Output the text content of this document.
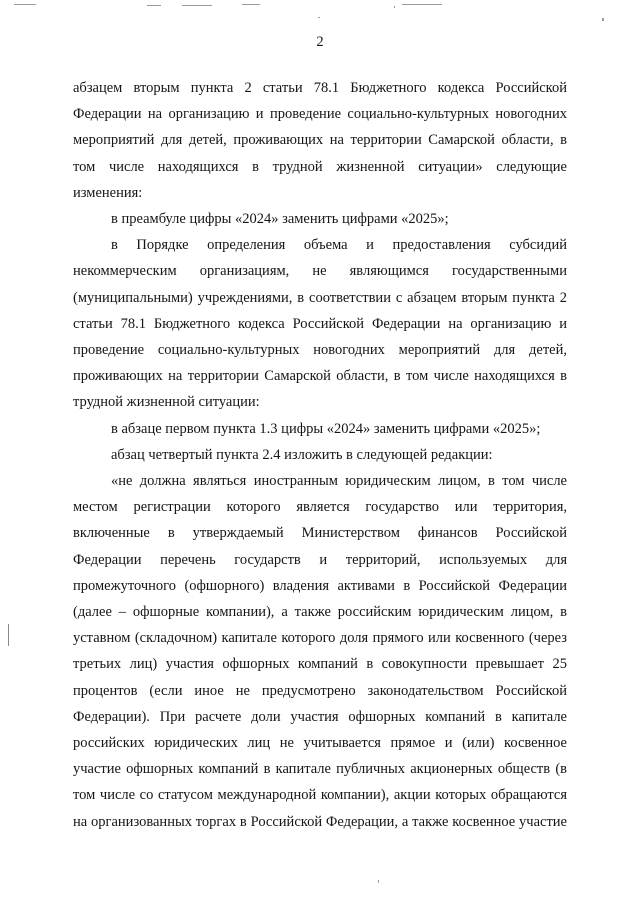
2

абзацем вторым пункта 2 статьи 78.1 Бюджетного кодекса Российской Федерации на организацию и проведение социально-культурных новогодних мероприятий для детей, проживающих на территории Самарской области, в том числе находящихся в трудной жизненной ситуации» следующие изменения:

в преамбуле цифры «2024» заменить цифрами «2025»;

в Порядке определения объема и предоставления субсидий некоммерческим организациям, не являющимся государственными (муниципальными) учреждениями, в соответствии с абзацем вторым пункта 2 статьи 78.1 Бюджетного кодекса Российской Федерации на организацию и проведение социально-культурных новогодних мероприятий для детей, проживающих на территории Самарской области, в том числе находящихся в трудной жизненной ситуации:

в абзаце первом пункта 1.3 цифры «2024» заменить цифрами «2025»;

абзац четвертый пункта 2.4 изложить в следующей редакции:

«не должна являться иностранным юридическим лицом, в том числе местом регистрации которого является государство или территория, включенные в утверждаемый Министерством финансов Российской Федерации перечень государств и территорий, используемых для промежуточного (офшорного) владения активами в Российской Федерации (далее – офшорные компании), а также российским юридическим лицом, в уставном (складочном) капитале которого доля прямого или косвенного (через третьих лиц) участия офшорных компаний в совокупности превышает 25 процентов (если иное не предусмотрено законодательством Российской Федерации). При расчете доли участия офшорных компаний в капитале российских юридических лиц не учитывается прямое и (или) косвенное участие офшорных компаний в капитале публичных акционерных обществ (в том числе со статусом международной компании), акции которых обращаются на организованных торгах в Российской Федерации, а также косвенное участие
